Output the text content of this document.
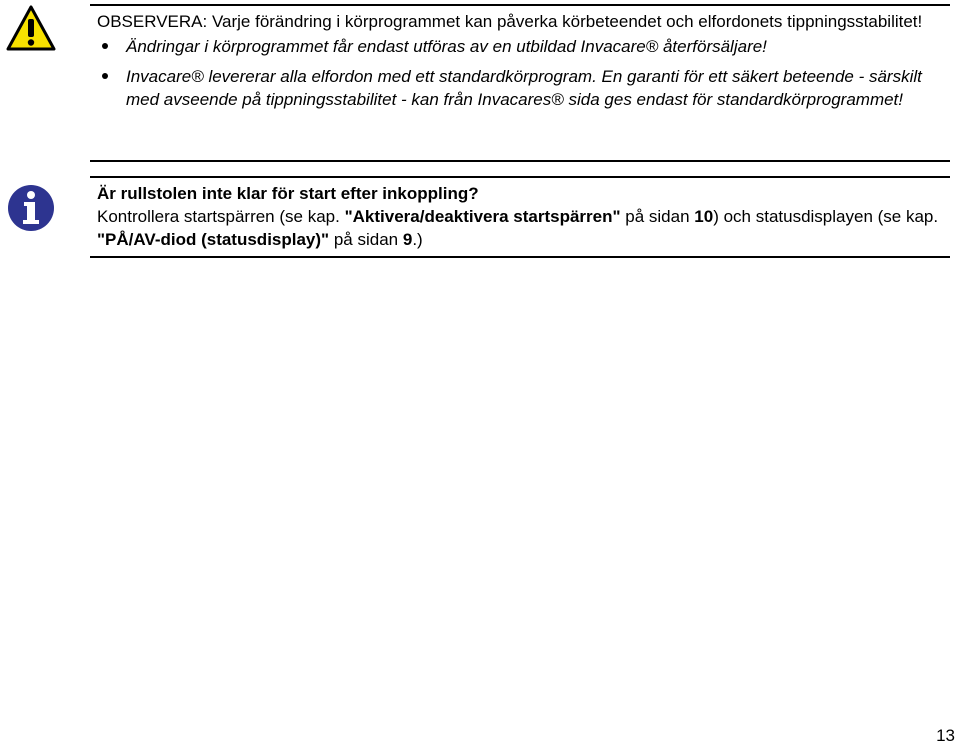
OBSERVERA: Varje förändring i körprogrammet kan påverka körbeteendet och elfordonets tippningsstabilitet!

Ändringar i körprogrammet får endast utföras av en utbildad Invacare® återförsäljare!
Invacare® levererar alla elfordon med ett standardkörprogram. En garanti för ett säkert beteende - särskilt med avseende på tippningsstabilitet - kan från Invacares® sida ges endast för standardkörprogrammet!

Är rullstolen inte klar för start efter inkoppling?

Kontrollera startspärren (se kap. "Aktivera/deaktivera startspärren" på sidan 10) och statusdisplayen (se kap. "PÅ/AV-diod (statusdisplay)" på sidan 9.)

13
